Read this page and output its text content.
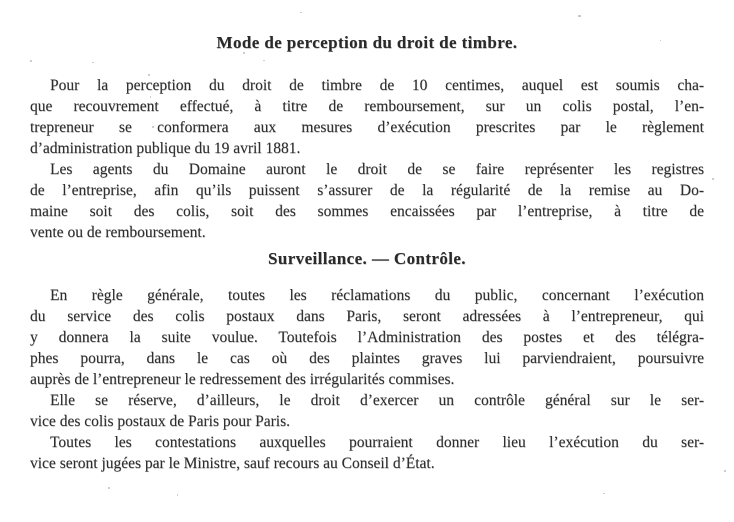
Mode de perception du droit de timbre.
Pour la perception du droit de timbre de 10 centimes, auquel est soumis cha-
que recouvrement effectué, à titre de remboursement, sur un colis postal, l’en-
trepreneur se conformera aux mesures d’exécution prescrites par le règlement
d’administration publique du 19 avril 1881.
Les agents du Domaine auront le droit de se faire représenter les registres
de l’entreprise, afin qu’ils puissent s’assurer de la régularité de la remise au Do-
maine soit des colis, soit des sommes encaissées par l’entreprise, à titre de
vente ou de remboursement.
Surveillance. — Contrôle.
En règle générale, toutes les réclamations du public, concernant l’exécution
du service des colis postaux dans Paris, seront adressées à l’entrepreneur, qui
y donnera la suite voulue. Toutefois l’Administration des postes et des télégra-
phes pourra, dans le cas où des plaintes graves lui parviendraient, poursuivre
auprès de l’entrepreneur le redressement des irrégularités commises.
Elle se réserve, d’ailleurs, le droit d’exercer un contrôle général sur le ser-
vice des colis postaux de Paris pour Paris.
Toutes les contestations auxquelles pourraient donner lieu l’exécution du ser-
vice seront jugées par le Ministre, sauf recours au Conseil d’État.
